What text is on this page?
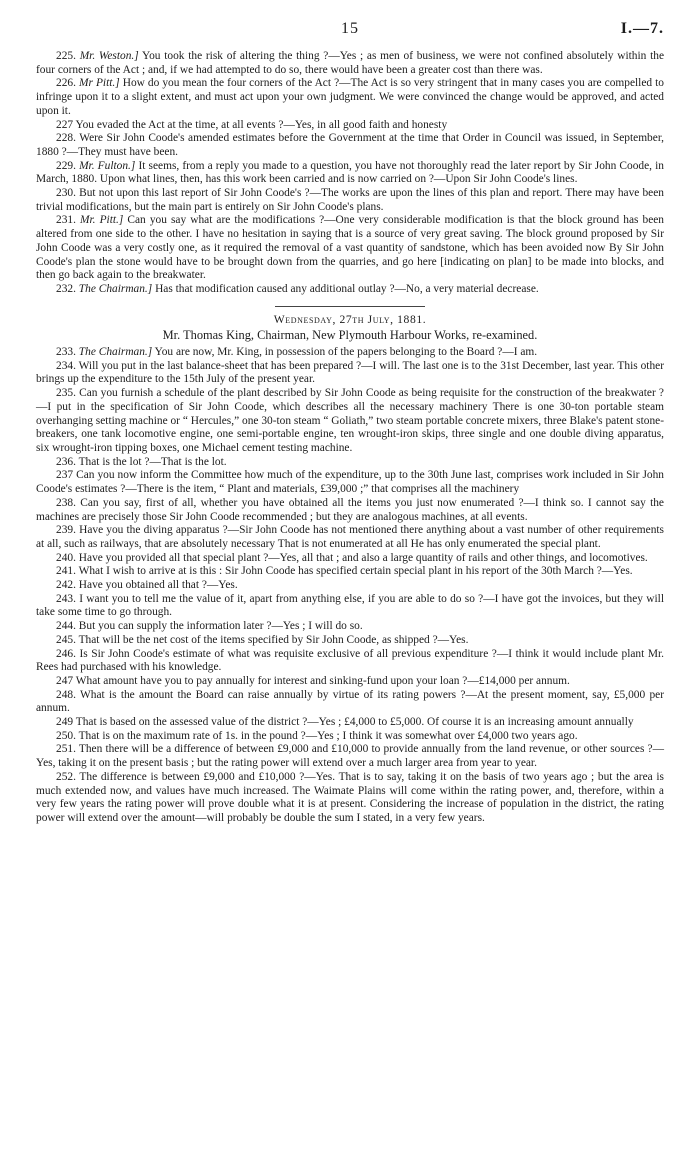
15	I.—7.

225. Mr. Weston.] You took the risk of altering the thing ?—Yes ; as men of business, we were not confined absolutely within the four corners of the Act ; and, if we had attempted to do so, there would have been a greater cost than there was.

226. Mr Pitt.] How do you mean the four corners of the Act ?—The Act is so very stringent that in many cases you are compelled to infringe upon it to a slight extent, and must act upon your own judgment. We were convinced the change would be approved, and acted upon it.

227 You evaded the Act at the time, at all events ?—Yes, in all good faith and honesty

228. Were Sir John Coode's amended estimates before the Government at the time that Order in Council was issued, in September, 1880 ?—They must have been.

229. Mr. Fulton.] It seems, from a reply you made to a question, you have not thoroughly read the later report by Sir John Coode, in March, 1880. Upon what lines, then, has this work been carried and is now carried on ?—Upon Sir John Coode's lines.

230. But not upon this last report of Sir John Coode's ?—The works are upon the lines of this plan and report. There may have been trivial modifications, but the main part is entirely on Sir John Coode's plans.

231. Mr. Pitt.] Can you say what are the modifications ?—One very considerable modification is that the block ground has been altered from one side to the other. I have no hesitation in saying that is a source of very great saving. The block ground proposed by Sir John Coode was a very costly one, as it required the removal of a vast quantity of sandstone, which has been avoided now By Sir John Coode's plan the stone would have to be brought down from the quarries, and go here [indicating on plan] to be made into blocks, and then go back again to the breakwater.

232. The Chairman.] Has that modification caused any additional outlay ?—No, a very material decrease.

Wednesday, 27th July, 1881.

Mr. Thomas King, Chairman, New Plymouth Harbour Works, re-examined.

233. The Chairman.] You are now, Mr. King, in possession of the papers belonging to the Board ?—I am.

234. Will you put in the last balance-sheet that has been prepared ?—I will. The last one is to the 31st December, last year. This other brings up the expenditure to the 15th July of the present year.

235. Can you furnish a schedule of the plant described by Sir John Coode as being requisite for the construction of the breakwater ?—I put in the specification of Sir John Coode, which describes all the necessary machinery There is one 30-ton portable steam overhanging setting machine or “ Hercules,” one 30-ton steam “ Goliath,” two steam portable concrete mixers, three Blake's patent stone-breakers, one tank locomotive engine, one semi-portable engine, ten wrought-iron skips, three single and one double diving apparatus, six wrought-iron tipping boxes, one Michael cement testing machine.

236. That is the lot ?—That is the lot.

237 Can you now inform the Committee how much of the expenditure, up to the 30th June last, comprises work included in Sir John Coode's estimates ?—There is the item, “ Plant and materials, £39,000 ;” that comprises all the machinery

238. Can you say, first of all, whether you have obtained all the items you just now enumerated ?—I think so. I cannot say the machines are precisely those Sir John Coode recommended ; but they are analogous machines, at all events.

239. Have you the diving apparatus ?—Sir John Coode has not mentioned there anything about a vast number of other requirements at all, such as railways, that are absolutely necessary That is not enumerated at all He has only enumerated the special plant.

240. Have you provided all that special plant ?—Yes, all that ; and also a large quantity of rails and other things, and locomotives.

241. What I wish to arrive at is this : Sir John Coode has specified certain special plant in his report of the 30th March ?—Yes.

242. Have you obtained all that ?—Yes.

243. I want you to tell me the value of it, apart from anything else, if you are able to do so ?—I have got the invoices, but they will take some time to go through.

244. But you can supply the information later ?—Yes ; I will do so.

245. That will be the net cost of the items specified by Sir John Coode, as shipped ?—Yes.

246. Is Sir John Coode's estimate of what was requisite exclusive of all previous expenditure ?—I think it would include plant Mr. Rees had purchased with his knowledge.

247 What amount have you to pay annually for interest and sinking-fund upon your loan ?—£14,000 per annum.

248. What is the amount the Board can raise annually by virtue of its rating powers ?—At the present moment, say, £5,000 per annum.

249 That is based on the assessed value of the district ?—Yes ; £4,000 to £5,000. Of course it is an increasing amount annually

250. That is on the maximum rate of 1s. in the pound ?—Yes ; I think it was somewhat over £4,000 two years ago.

251. Then there will be a difference of between £9,000 and £10,000 to provide annually from the land revenue, or other sources ?—Yes, taking it on the present basis ; but the rating power will extend over a much larger area from year to year.

252. The difference is between £9,000 and £10,000 ?—Yes. That is to say, taking it on the basis of two years ago ; but the area is much extended now, and values have much increased. The Waimate Plains will come within the rating power, and, therefore, within a very few years the rating power will prove double what it is at present. Considering the increase of population in the district, the rating power will extend over the amount—will probably be double the sum I stated, in a very few years.
